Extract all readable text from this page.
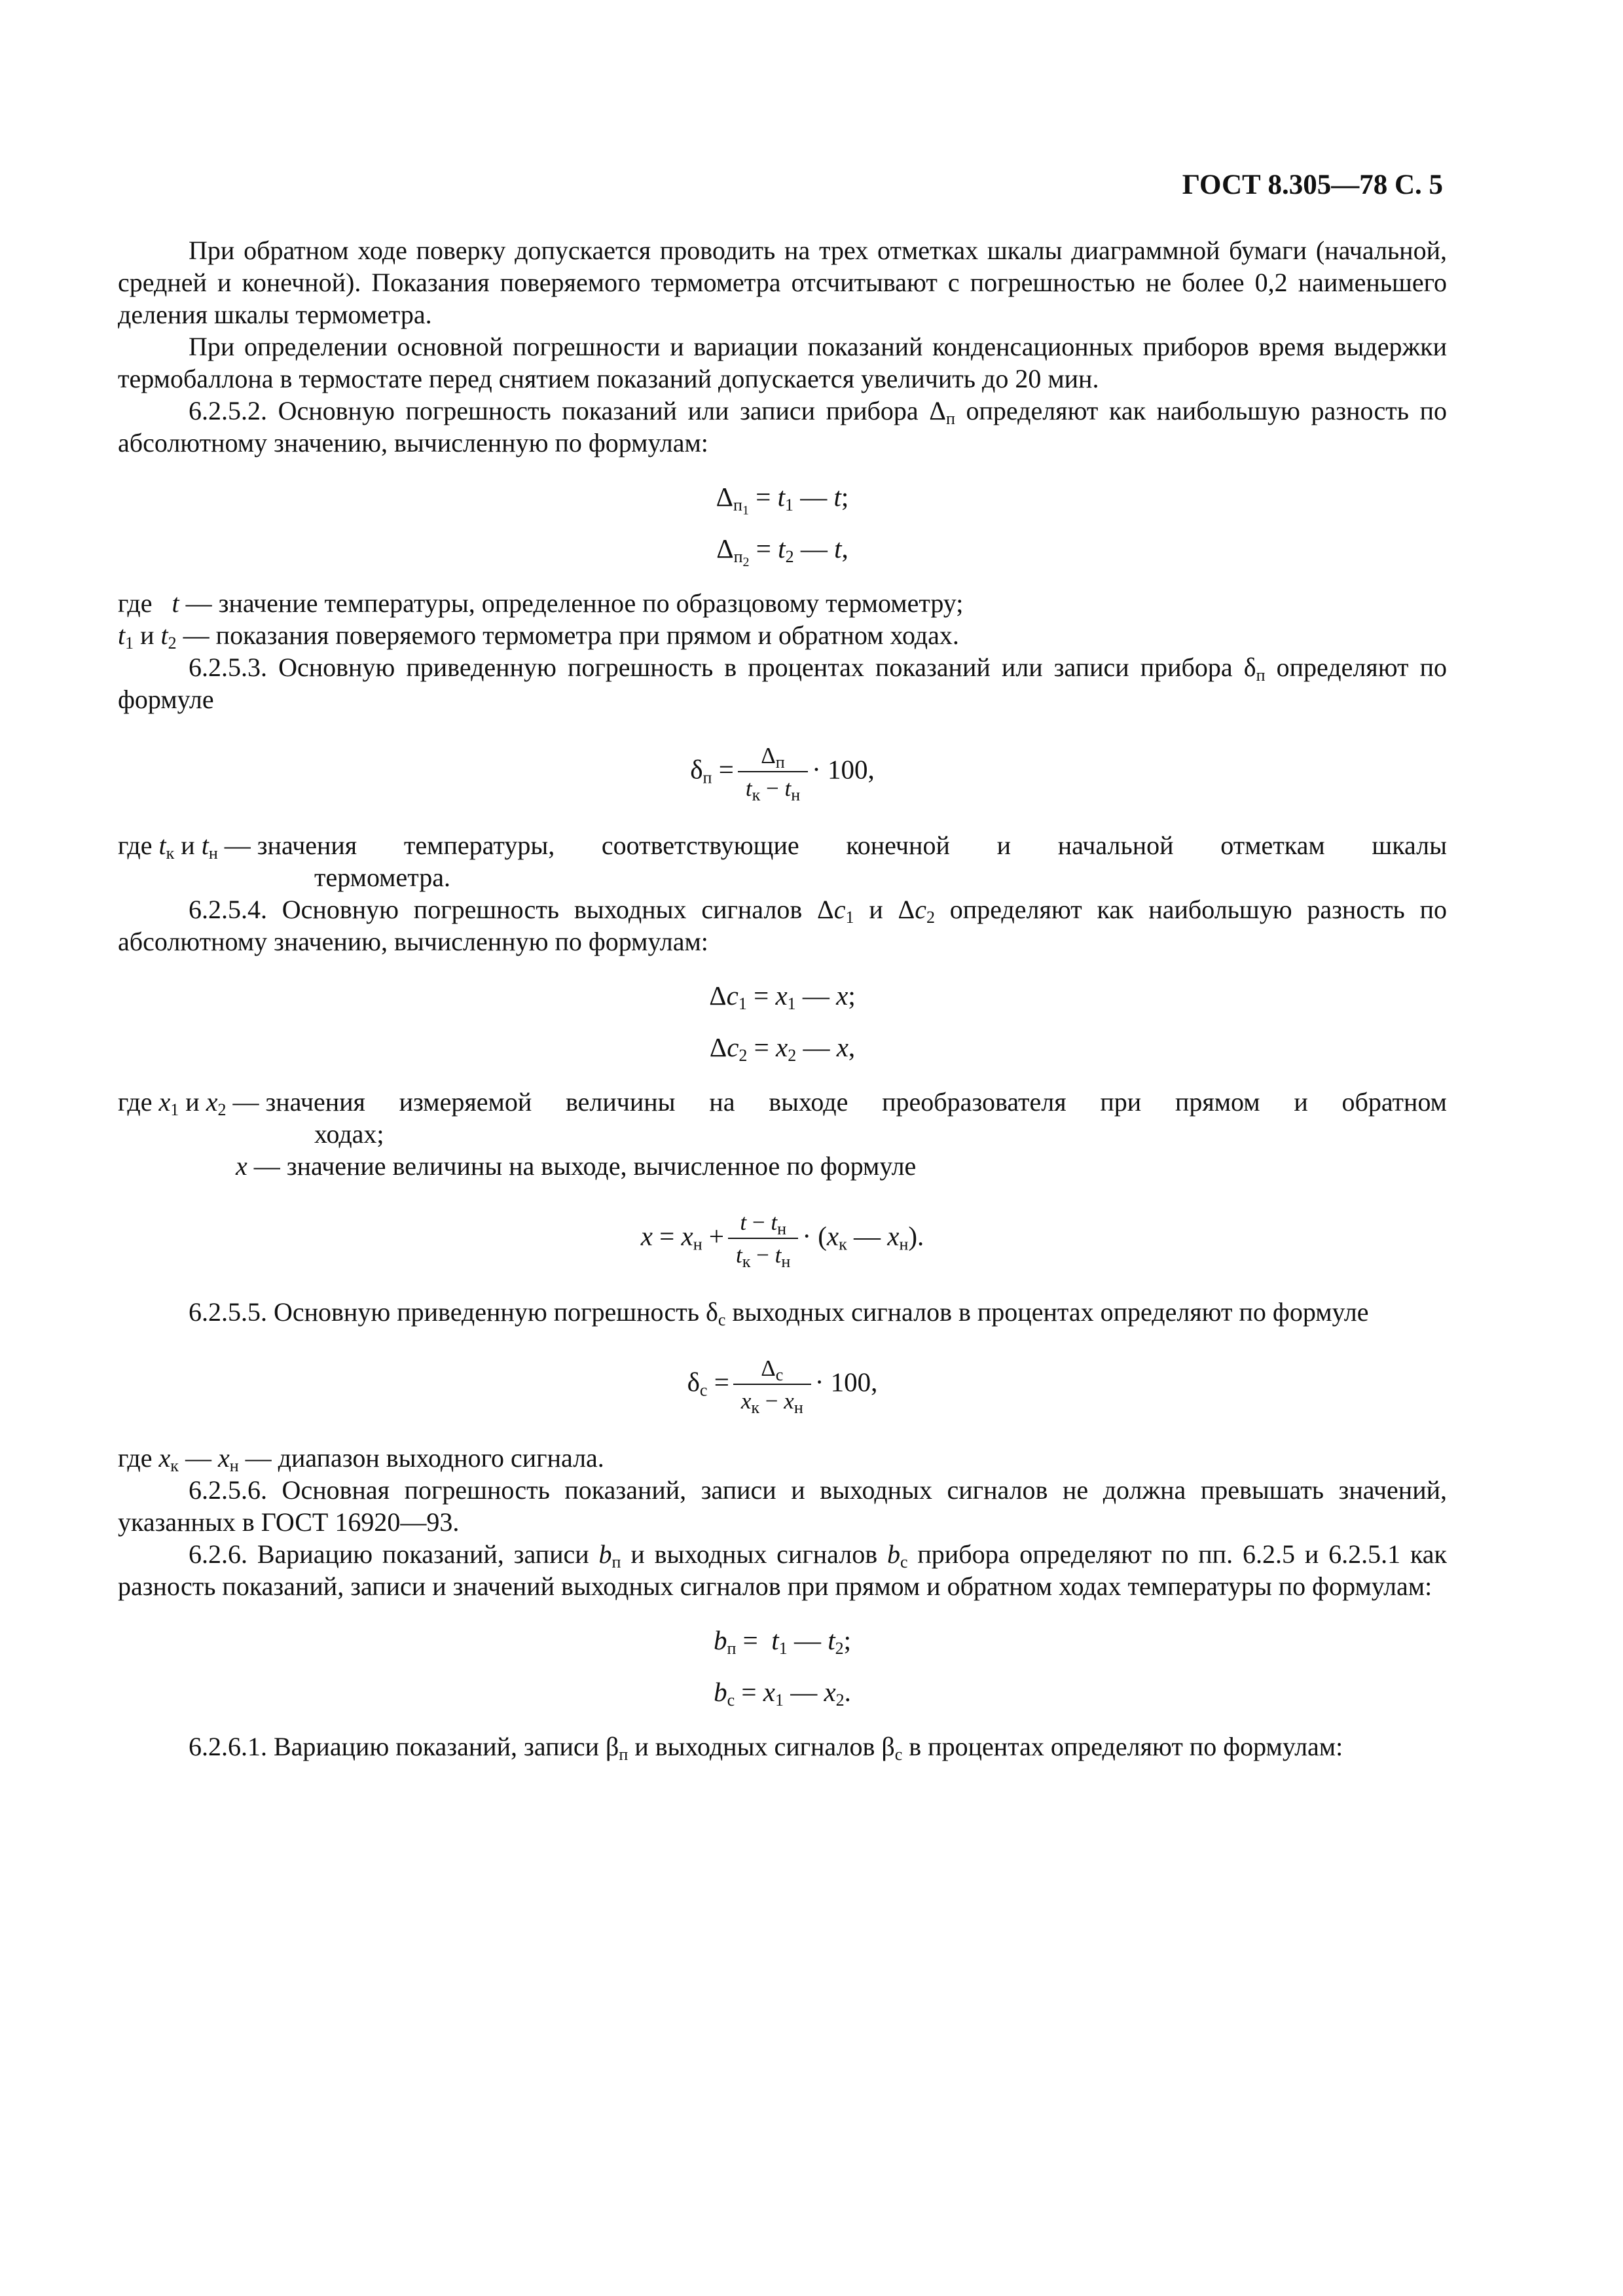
ГОСТ 8.305—78 С. 5

При обратном ходе поверку допускается проводить на трех отметках шкалы диаграммной бумаги (начальной, средней и конечной). Показания поверяемого термометра отсчитывают с погрешностью не более 0,2 наименьшего деления шкалы термометра.

При определении основной погрешности и вариации показаний конденсационных приборов время выдержки термобаллона в термостате перед снятием показаний допускается увеличить до 20 мин.

6.2.5.2. Основную погрешность показаний или записи прибора $\Delta_п$ определяют как наибольшую разность по абсолютному значению, вычисленную по формулам:

$\Delta_{п_1} = t_1$ — t;
$\Delta_{п_2} = t_2$ — t,

где   t — значение температуры, определенное по образцовому термометру;

$t_1$ и $t_2$ — показания поверяемого термометра при прямом и обратном ходах.

6.2.5.3. Основную приведенную погрешность в процентах показаний или записи прибора $\delta_п$ определяют по формуле

$\delta_п = \frac{\Delta_п}{t_к - t_н} \cdot 100$,
где $t_к$ и $t_н$ — значения температуры, соответствующие конечной и начальной отметкам шкалы

термометра.

6.2.5.4. Основную погрешность выходных сигналов $\Delta c_1$ и $\Delta c_2$ определяют как наибольшую разность по абсолютному значению, вычисленную по формулам:

$\Delta c_1 = x_1$ — x;
$\Delta c_2 = x_2$ — x,
где $x_1$ и $x_2$ — значения измеряемой величины на выходе преобразователя при прямом и обратном

ходах;

x — значение величины на выходе, вычисленное по формуле

$x = x_н + \frac{t - t_н}{t_к - t_н} \cdot (x_к$ — $x_н$).

6.2.5.5. Основную приведенную погрешность $\delta_с$ выходных сигналов в процентах определяют по формуле

$\delta_с = \frac{\Delta_с}{x_к - x_н} \cdot 100$,

где $x_к$ — $x_н$ — диапазон выходного сигнала.

6.2.5.6. Основная погрешность показаний, записи и выходных сигналов не должна превышать значений, указанных в ГОСТ 16920—93.

6.2.6. Вариацию показаний, записи $b_п$ и выходных сигналов $b_с$ прибора определяют по пп. 6.2.5 и 6.2.5.1 как разность показаний, записи и значений выходных сигналов при прямом и обратном ходах температуры по формулам:

$b_п = t_1$ — $t_2$;
$b_с = x_1$ — $x_2$.

6.2.6.1. Вариацию показаний, записи $\beta_п$ и выходных сигналов $\beta_с$ в процентах определяют по формулам:
